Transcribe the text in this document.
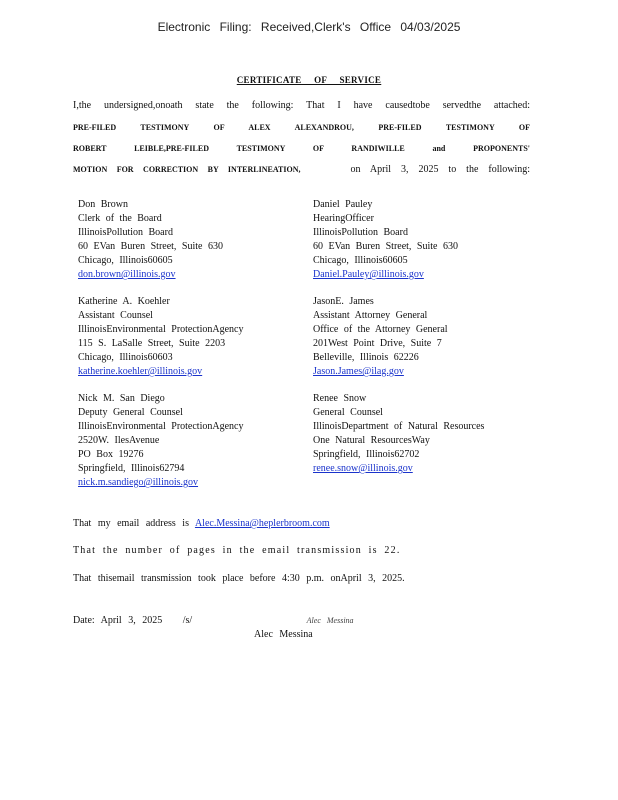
Electronic Filing: Received,Clerk's Office 04/03/2025
CERTIFICATE OF SERVICE
I,the undersigned,onoath state the following: That I have causedtobe servedthe attached:
PRE-FILED TESTIMONY OF ALEX ALEXANDROU, PRE-FILED TESTIMONY OF
ROBERT LEIBLE,PRE-FILED TESTIMONY OF RANDIWILLE and PROPONENTS'
MOTION FOR CORRECTION BY INTERLINEATION,	on April 3, 2025 to the following:
Don Brown
Clerk of the Board
IllinoisPollution Board
60 EVan Buren Street, Suite 630
Chicago, Illinois60605
don.brown@illinois.gov
Daniel Pauley
HearingOfficer
IllinoisPollution Board
60 EVan Buren Street, Suite 630
Chicago, Illinois60605
Daniel.Pauley@illinois.gov
Katherine A. Koehler
Assistant Counsel
IllinoisEnvironmental ProtectionAgency
115 S. LaSalle Street, Suite 2203
Chicago, Illinois60603
katherine.koehler@illinois.gov
JasonE. James
Assistant Attorney General
Office of the Attorney General
201West Point Drive, Suite 7
Belleville, Illinois 62226
Jason.James@ilag.gov
Nick M. San Diego
Deputy General Counsel
IllinoisEnvironmental ProtectionAgency
2520W. IlesAvenue
PO Box 19276
Springfield, Illinois62794
nick.m.sandiego@illinois.gov
Renee Snow
General Counsel
IllinoisDepartment of Natural Resources
One Natural ResourcesWay
Springfield, Illinois62702
renee.snow@illinois.gov
That my email address is Alec.Messina@heplerbroom.com
That the number of pages in the email transmission is 22.
That thisemail transmission took place before 4:30 p.m. onApril 3, 2025.
Date: April 3, 2025 /s/	Alec Messina
Alec Messina
